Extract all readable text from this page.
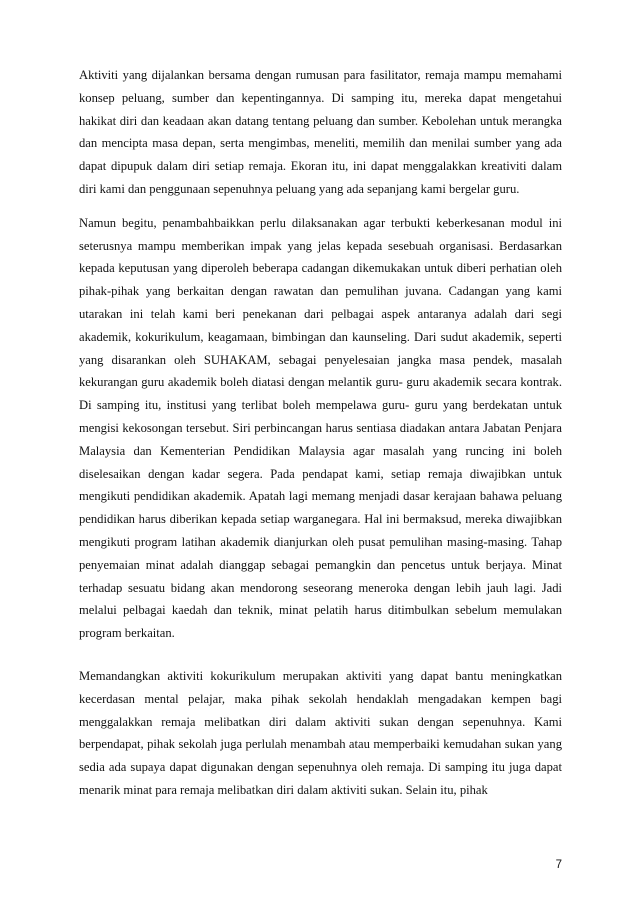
Aktiviti yang dijalankan bersama dengan rumusan para fasilitator, remaja mampu memahami konsep peluang, sumber dan kepentingannya. Di samping itu, mereka dapat mengetahui hakikat diri dan keadaan akan datang tentang peluang dan sumber. Kebolehan untuk merangka dan mencipta masa depan, serta mengimbas, meneliti, memilih dan menilai sumber yang ada dapat dipupuk dalam diri setiap remaja. Ekoran itu, ini dapat menggalakkan kreativiti dalam diri kami dan penggunaan sepenuhnya peluang yang ada sepanjang kami bergelar guru.

Namun begitu, penambahbaikkan perlu dilaksanakan agar terbukti keberkesanan modul ini seterusnya mampu memberikan impak yang jelas kepada sesebuah organisasi. Berdasarkan kepada keputusan yang diperoleh beberapa cadangan dikemukakan untuk diberi perhatian oleh pihak-pihak yang berkaitan dengan rawatan dan pemulihan juvana. Cadangan yang kami utarakan ini telah kami beri penekanan dari pelbagai aspek antaranya adalah dari segi akademik, kokurikulum, keagamaan, bimbingan dan kaunseling. Dari sudut akademik, seperti yang disarankan oleh SUHAKAM, sebagai penyelesaian jangka masa pendek, masalah kekurangan guru akademik boleh diatasi dengan melantik guru- guru akademik secara kontrak. Di samping itu, institusi yang terlibat boleh mempelawa guru- guru yang berdekatan untuk mengisi kekosongan tersebut. Siri perbincangan harus sentiasa diadakan antara Jabatan Penjara Malaysia dan Kementerian Pendidikan Malaysia agar masalah yang runcing ini boleh diselesaikan dengan kadar segera. Pada pendapat kami, setiap remaja diwajibkan untuk mengikuti pendidikan akademik. Apatah lagi memang menjadi dasar kerajaan bahawa peluang pendidikan harus diberikan kepada setiap warganegara. Hal ini bermaksud, mereka diwajibkan mengikuti program latihan akademik dianjurkan oleh pusat pemulihan masing-masing. Tahap penyemaian minat adalah dianggap sebagai pemangkin dan pencetus untuk berjaya. Minat terhadap sesuatu bidang akan mendorong seseorang meneroka dengan lebih jauh lagi. Jadi melalui pelbagai kaedah dan teknik, minat pelatih harus ditimbulkan sebelum memulakan program berkaitan.

Memandangkan aktiviti kokurikulum merupakan aktiviti yang dapat bantu meningkatkan kecerdasan mental pelajar, maka pihak sekolah hendaklah mengadakan kempen bagi menggalakkan remaja melibatkan diri dalam aktiviti sukan dengan sepenuhnya. Kami berpendapat, pihak sekolah juga perlulah menambah atau memperbaiki kemudahan sukan yang sedia ada supaya dapat digunakan dengan sepenuhnya oleh remaja. Di samping itu juga dapat menarik minat para remaja melibatkan diri dalam aktiviti sukan. Selain itu, pihak

7
